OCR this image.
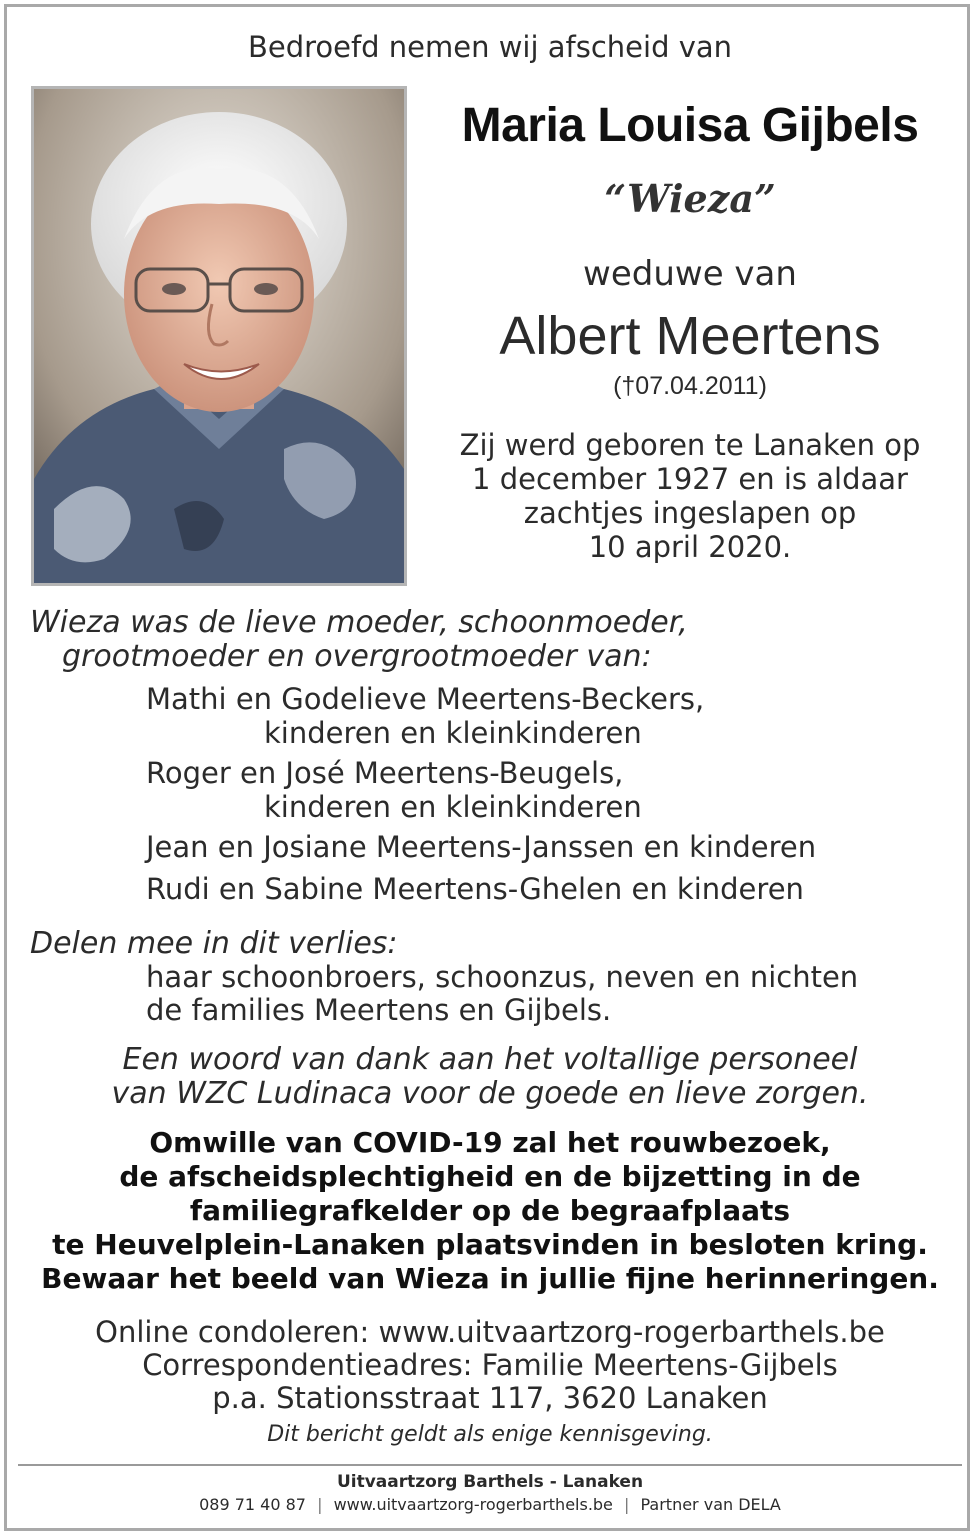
Bedroefd nemen wij afscheid van
Maria Louisa Gijbels
“Wieza”
weduwe van
Albert Meertens
(†07.04.2011)
Zij werd geboren te Lanaken op
1 december 1927 en is aldaar
zachtjes ingeslapen op
10 april 2020.
Wieza was de lieve moeder, schoonmoeder,
grootmoeder en overgrootmoeder van:
Mathi en Godelieve Meertens-Beckers,
kinderen en kleinkinderen
Roger en José Meertens-Beugels,
kinderen en kleinkinderen
Jean en Josiane Meertens-Janssen en kinderen
Rudi en Sabine Meertens-Ghelen en kinderen
Delen mee in dit verlies:
haar schoonbroers, schoonzus, neven en nichten
de families Meertens en Gijbels.
Een woord van dank aan het voltallige personeel
van WZC Ludinaca voor de goede en lieve zorgen.
Omwille van COVID-19 zal het rouwbezoek,
de afscheidsplechtigheid en de bijzetting in de
familiegrafkelder op de begraafplaats
te Heuvelplein-Lanaken plaatsvinden in besloten kring.
Bewaar het beeld van Wieza in jullie fijne herinneringen.
Online condoleren: www.uitvaartzorg-rogerbarthels.be
Correspondentieadres: Familie Meertens-Gijbels
p.a. Stationsstraat 117, 3620 Lanaken
Dit bericht geldt als enige kennisgeving.
Uitvaartzorg Barthels - Lanaken
089 71 40 87 | www.uitvaartzorg-rogerbarthels.be | Partner van DELA
